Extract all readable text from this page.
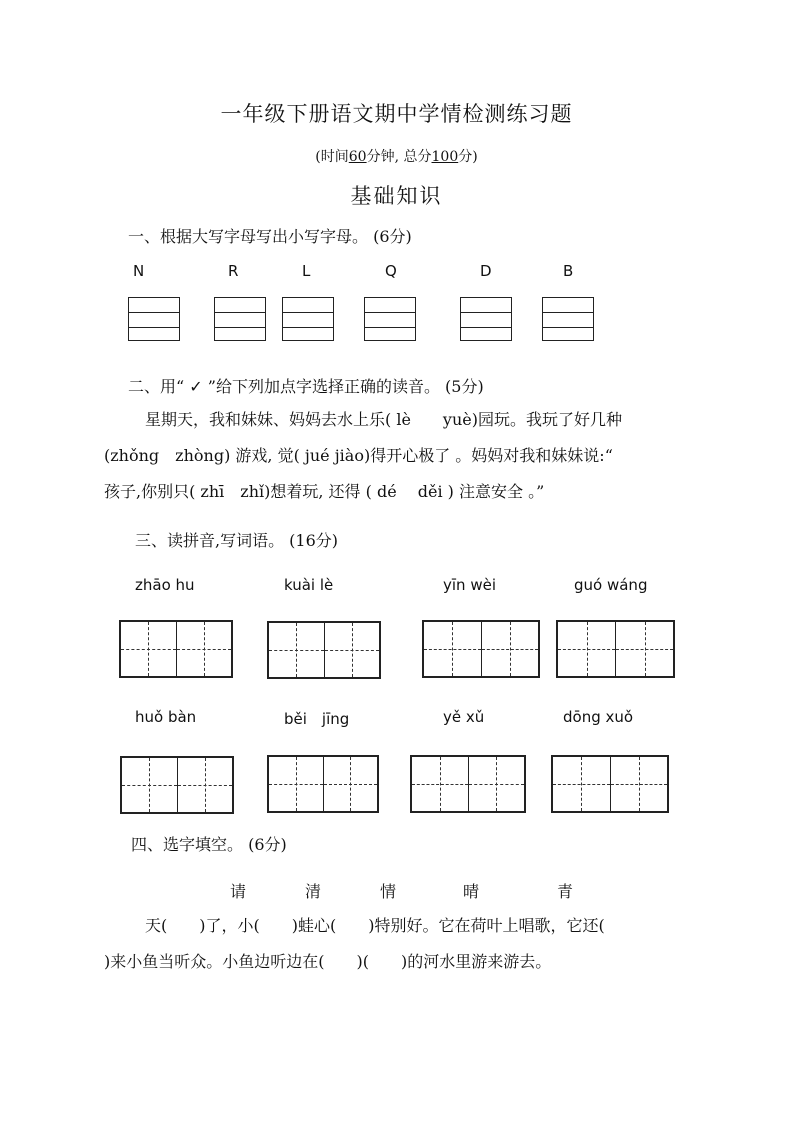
一年级下册语文期中学情检测练习题
(时间60分钟, 总分100分)
基础知识
一、根据大写字母写出小写字母。 (6分)
N	R	L	Q	D	B
二、用“ ✓ ”给下列加点字选择正确的读音。 (5分)
星期天，我和妹妹、妈妈去水上乐( lè　　yuè)园玩。我玩了好几种
(zhǒng　zhòng) 游戏, 觉( jué jiào)得开心极了 。妈妈对我和妹妹说:“
孩子,你别只( zhī　zhǐ)想着玩, 还得 ( dé　 děi ) 注意安全 。”
三、读拼音,写词语。 (16分)
zhāo hu	kuài lè	yīn wèi	guó wáng
huǒ bàn	běi　jīng	yě xǔ	dōng xuǒ
四、选字填空。 (6分)
请	清	情	晴	青
天(　　)了，小(　　)蛙心(　　)特别好。它在荷叶上唱歌，它还(
)来小鱼当听众。小鱼边听边在(　　)(　　)的河水里游来游去。
